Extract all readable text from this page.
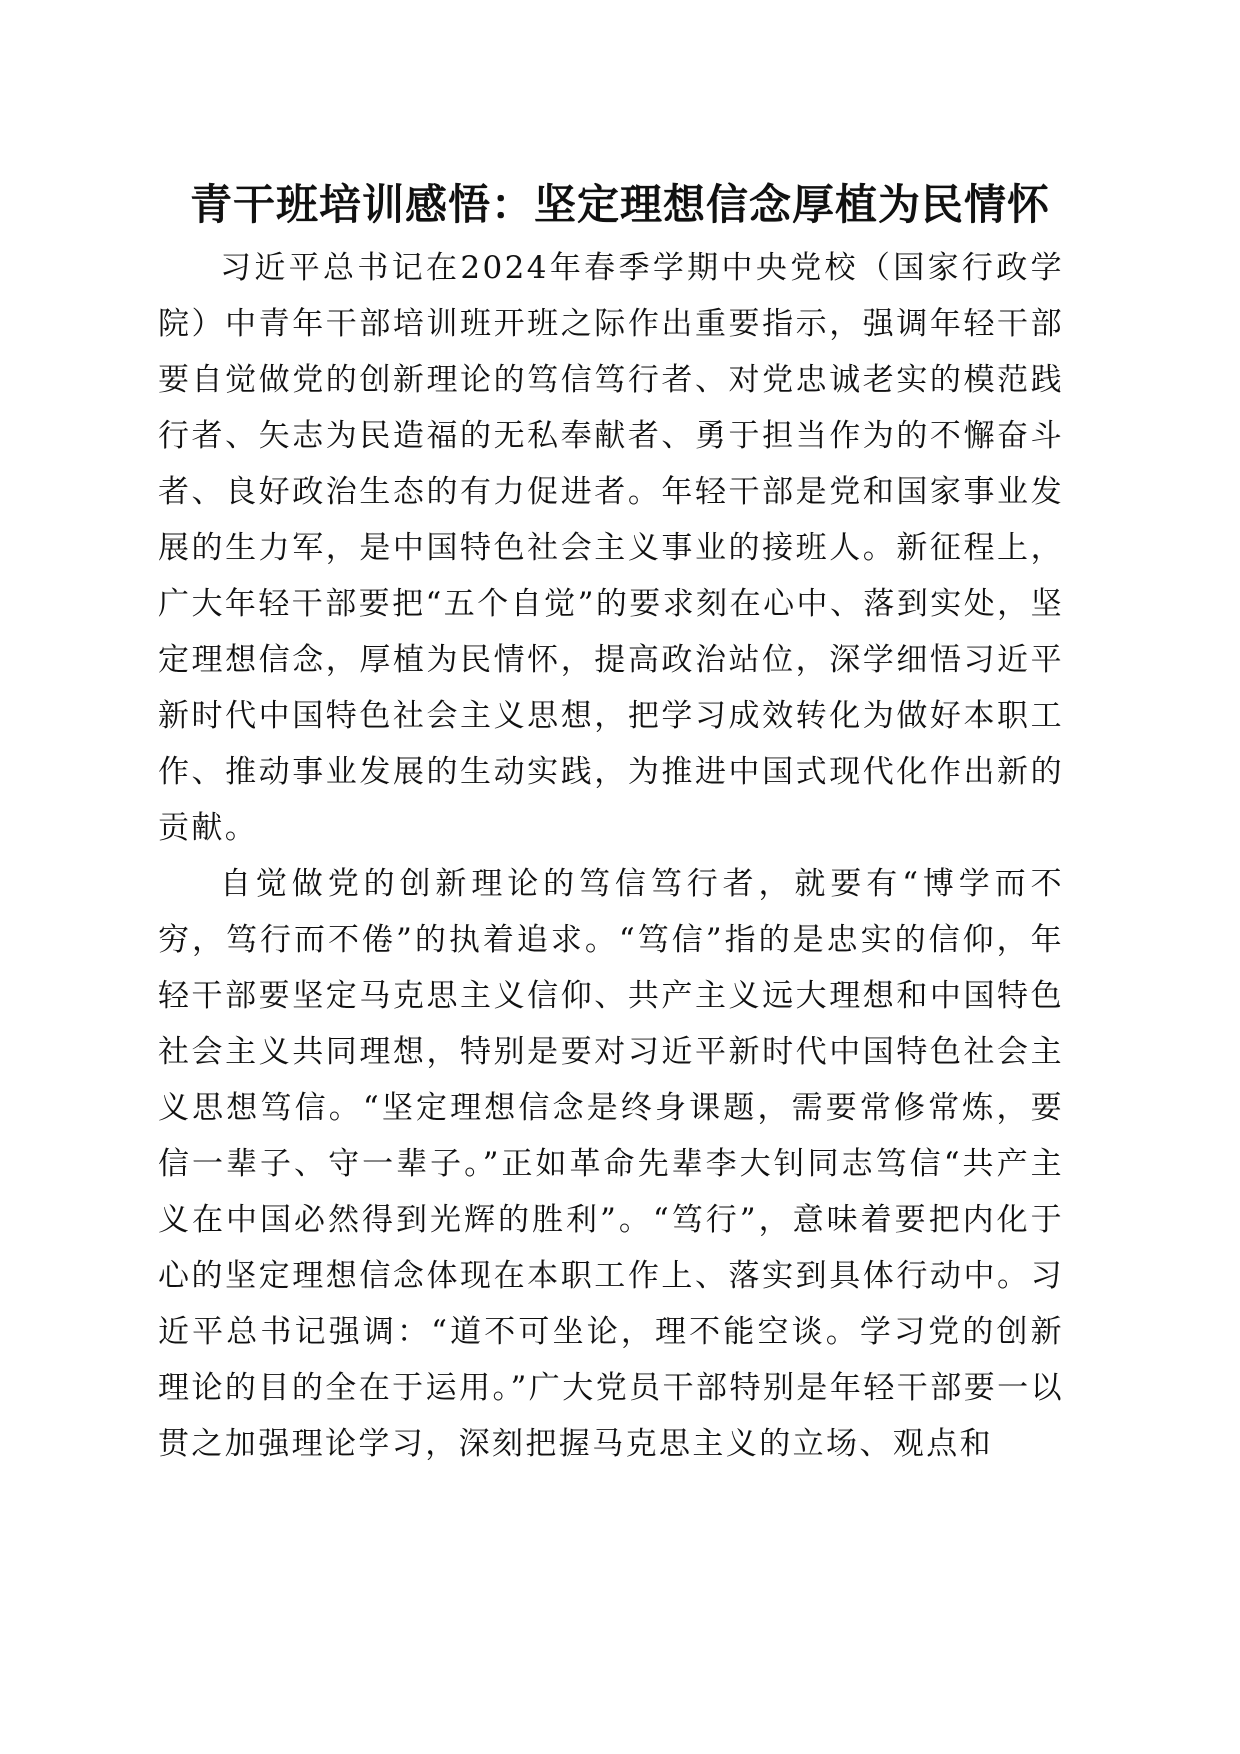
青干班培训感悟：坚定理想信念厚植为民情怀

习近平总书记在2024年春季学期中央党校（国家行政学院）中青年干部培训班开班之际作出重要指示，强调年轻干部要自觉做党的创新理论的笃信笃行者、对党忠诚老实的模范践行者、矢志为民造福的无私奉献者、勇于担当作为的不懈奋斗者、良好政治生态的有力促进者。年轻干部是党和国家事业发展的生力军，是中国特色社会主义事业的接班人。新征程上，广大年轻干部要把“五个自觉”的要求刻在心中、落到实处，坚定理想信念，厚植为民情怀，提高政治站位，深学细悟习近平新时代中国特色社会主义思想，把学习成效转化为做好本职工作、推动事业发展的生动实践，为推进中国式现代化作出新的贡献。

自觉做党的创新理论的笃信笃行者，就要有“博学而不穷，笃行而不倦”的执着追求。“笃信”指的是忠实的信仰，年轻干部要坚定马克思主义信仰、共产主义远大理想和中国特色社会主义共同理想，特别是要对习近平新时代中国特色社会主义思想笃信。“坚定理想信念是终身课题，需要常修常炼，要信一辈子、守一辈子。”正如革命先辈李大钊同志笃信“共产主义在中国必然得到光辉的胜利”。“笃行”，意味着要把内化于心的坚定理想信念体现在本职工作上、落实到具体行动中。习近平总书记强调：“道不可坐论，理不能空谈。学习党的创新理论的目的全在于运用。”广大党员干部特别是年轻干部要一以贯之加强理论学习，深刻把握马克思主义的立场、观点和
